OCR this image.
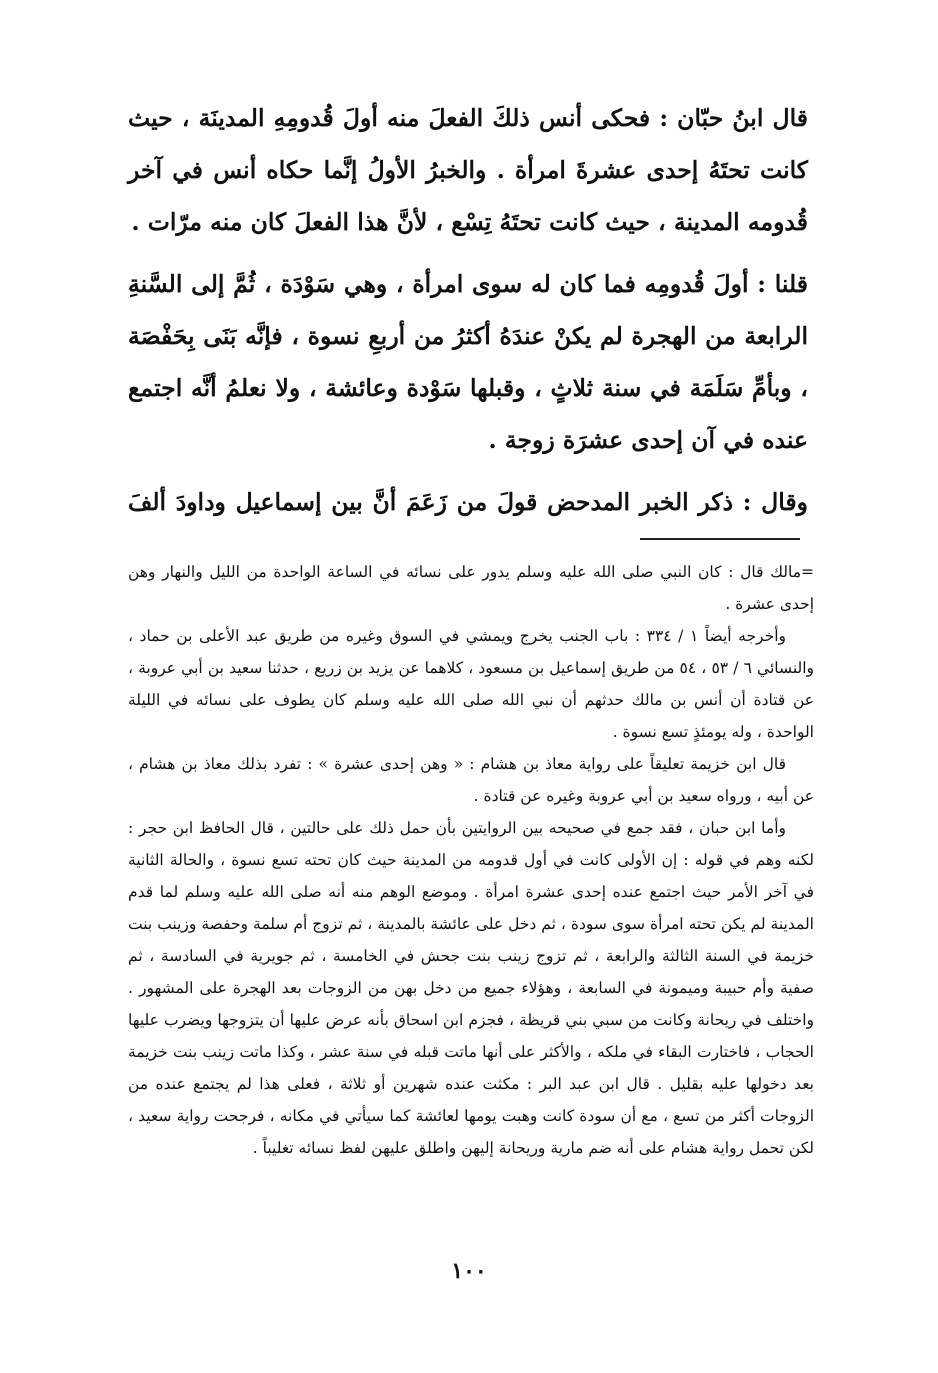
قال ابنُ حبّان : فحكى أنس ذلكَ الفعلَ منه أولَ قُدومِهِ المدينَة ، حيث كانت تحتَهُ إحدى عشرةَ امرأة . والخبرُ الأولُ إنَّما حكاه أنس في آخر قُدومه المدينة ، حيث كانت تحتَهُ تِسْع ، لأنَّ هذا الفعلَ كان منه مرّات .

قلنا : أولَ قُدومِه فما كان له سوى امرأة ، وهي سَوْدَة ، ثُمَّ إلى السَّنةِ الرابعة من الهجرة لم يكنْ عندَهُ أكثرُ من أربعِ نسوة ، فإنَّه بَنَى بِحَفْصَة ، وبأمِّ سَلَمَة في سنة ثلاثٍ ، وقبلها سَوْدة وعائشة ، ولا نعلمُ أنَّه اجتمع عنده في آن إحدى عشرَة زوجة .

وقال : ذكر الخبر المدحض قولَ من زَعَمَ أنَّ بين إسماعيل وداودَ ألفَ

=مالك قال : كان النبي صلى الله عليه وسلم يدور على نسائه في الساعة الواحدة من الليل والنهار وهن إحدى عشرة .

وأخرجه أيضاً ١ / ٣٣٤ : باب الجنب يخرج ويمشي في السوق وغيره من طريق عبد الأعلى بن حماد ، والنسائي ٦ / ٥٣ ، ٥٤ من طريق إسماعيل بن مسعود ، كلاهما عن يزيد بن زريع ، حدثنا سعيد بن أبي عروبة ، عن قتادة أن أنس بن مالك حدثهم أن نبي الله صلى الله عليه وسلم كان يطوف على نسائه في الليلة الواحدة ، وله يومئذٍ تسع نسوة .

قال ابن خزيمة تعليقاً على رواية معاذ بن هشام : « وهن إحدى عشرة » : تفرد بذلك معاذ بن هشام ، عن أبيه ، ورواه سعيد بن أبي عروبة وغيره عن قتادة .

وأما ابن حبان ، فقد جمع في صحيحه بين الروايتين بأن حمل ذلك على حالتين ، قال الحافظ ابن حجر : لكنه وهم في قوله : إن الأولى كانت في أول قدومه من المدينة حيث كان تحته تسع نسوة ، والحالة الثانية في آخر الأمر حيث اجتمع عنده إحدى عشرة امرأة . وموضع الوهم منه أنه صلى الله عليه وسلم لما قدم المدينة لم يكن تحته امرأة سوى سودة ، ثم دخل على عائشة بالمدينة ، ثم تزوج أم سلمة وحفصة وزينب بنت خزيمة في السنة الثالثة والرابعة ، ثم تزوج زينب بنت جحش في الخامسة ، ثم جويرية في السادسة ، ثم صفية وأم حبيبة وميمونة في السابعة ، وهؤلاء جميع من دخل بهن من الزوجات بعد الهجرة على المشهور . واختلف في ريحانة وكانت من سبي بني قريظة ، فجزم ابن اسحاق بأنه عرض عليها أن يتزوجها ويضرب عليها الحجاب ، فاختارت البقاء في ملكه ، والأكثر على أنها ماتت قبله في سنة عشر ، وكذا ماتت زينب بنت خزيمة بعد دخولها عليه بقليل . قال ابن عبد البر : مكثت عنده شهرين أو ثلاثة ، فعلى هذا لم يجتمع عنده من الزوجات أكثر من تسع ، مع أن سودة كانت وهبت يومها لعائشة كما سيأتي في مكانه ، فرجحت رواية سعيد ، لكن تحمل رواية هشام على أنه ضم مارية وريحانة إليهن واطلق عليهن لفظ نسائه تغليباً .

١٠٠
